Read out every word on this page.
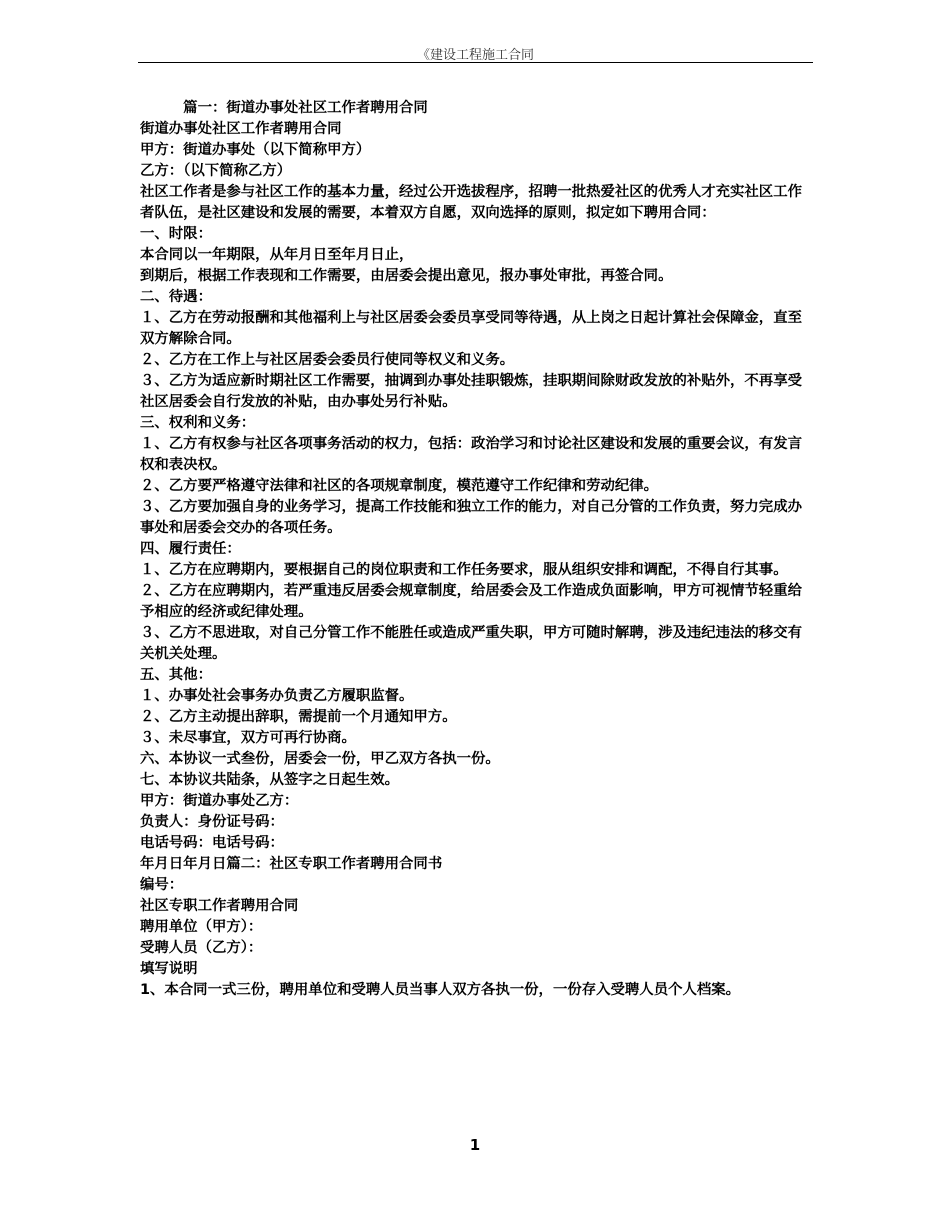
《建设工程施工合同

　　　篇一：街道办事处社区工作者聘用合同

街道办事处社区工作者聘用合同

甲方：街道办事处（以下简称甲方）

乙方：（以下简称乙方）

社区工作者是参与社区工作的基本力量，经过公开选拔程序，招聘一批热爱社区的优秀人才充实社区工作者队伍，是社区建设和发展的需要，本着双方自愿，双向选择的原则，拟定如下聘用合同：

一、时限：

本合同以一年期限，从年月日至年月日止，

到期后，根据工作表现和工作需要，由居委会提出意见，报办事处审批，再签合同。

二、待遇：

１、乙方在劳动报酬和其他福利上与社区居委会委员享受同等待遇，从上岗之日起计算社会保障金，直至双方解除合同。

２、乙方在工作上与社区居委会委员行使同等权义和义务。

３、乙方为适应新时期社区工作需要，抽调到办事处挂职锻炼，挂职期间除财政发放的补贴外，不再享受社区居委会自行发放的补贴，由办事处另行补贴。

三、权利和义务：

１、乙方有权参与社区各项事务活动的权力，包括：政治学习和讨论社区建设和发展的重要会议，有发言权和表决权。

２、乙方要严格遵守法律和社区的各项规章制度，模范遵守工作纪律和劳动纪律。

３、乙方要加强自身的业务学习，提高工作技能和独立工作的能力，对自己分管的工作负责，努力完成办事处和居委会交办的各项任务。

四、履行责任：

１、乙方在应聘期内，要根据自己的岗位职责和工作任务要求，服从组织安排和调配，不得自行其事。

２、乙方在应聘期内，若严重违反居委会规章制度，给居委会及工作造成负面影响，甲方可视情节轻重给予相应的经济或纪律处理。

３、乙方不思进取，对自己分管工作不能胜任或造成严重失职，甲方可随时解聘，涉及违纪违法的移交有关机关处理。

五、其他：

１、办事处社会事务办负责乙方履职监督。

２、乙方主动提出辞职，需提前一个月通知甲方。

３、未尽事宜，双方可再行协商。

六、本协议一式叁份，居委会一份，甲乙双方各执一份。

七、本协议共陆条，从签字之日起生效。

甲方：街道办事处乙方：

负责人：身份证号码：

电话号码：电话号码：

年月日年月日篇二：社区专职工作者聘用合同书

编号：

社区专职工作者聘用合同

聘用单位（甲方）：

受聘人员（乙方）：

填写说明

1、本合同一式三份，聘用单位和受聘人员当事人双方各执一份，一份存入受聘人员个人档案。

1
